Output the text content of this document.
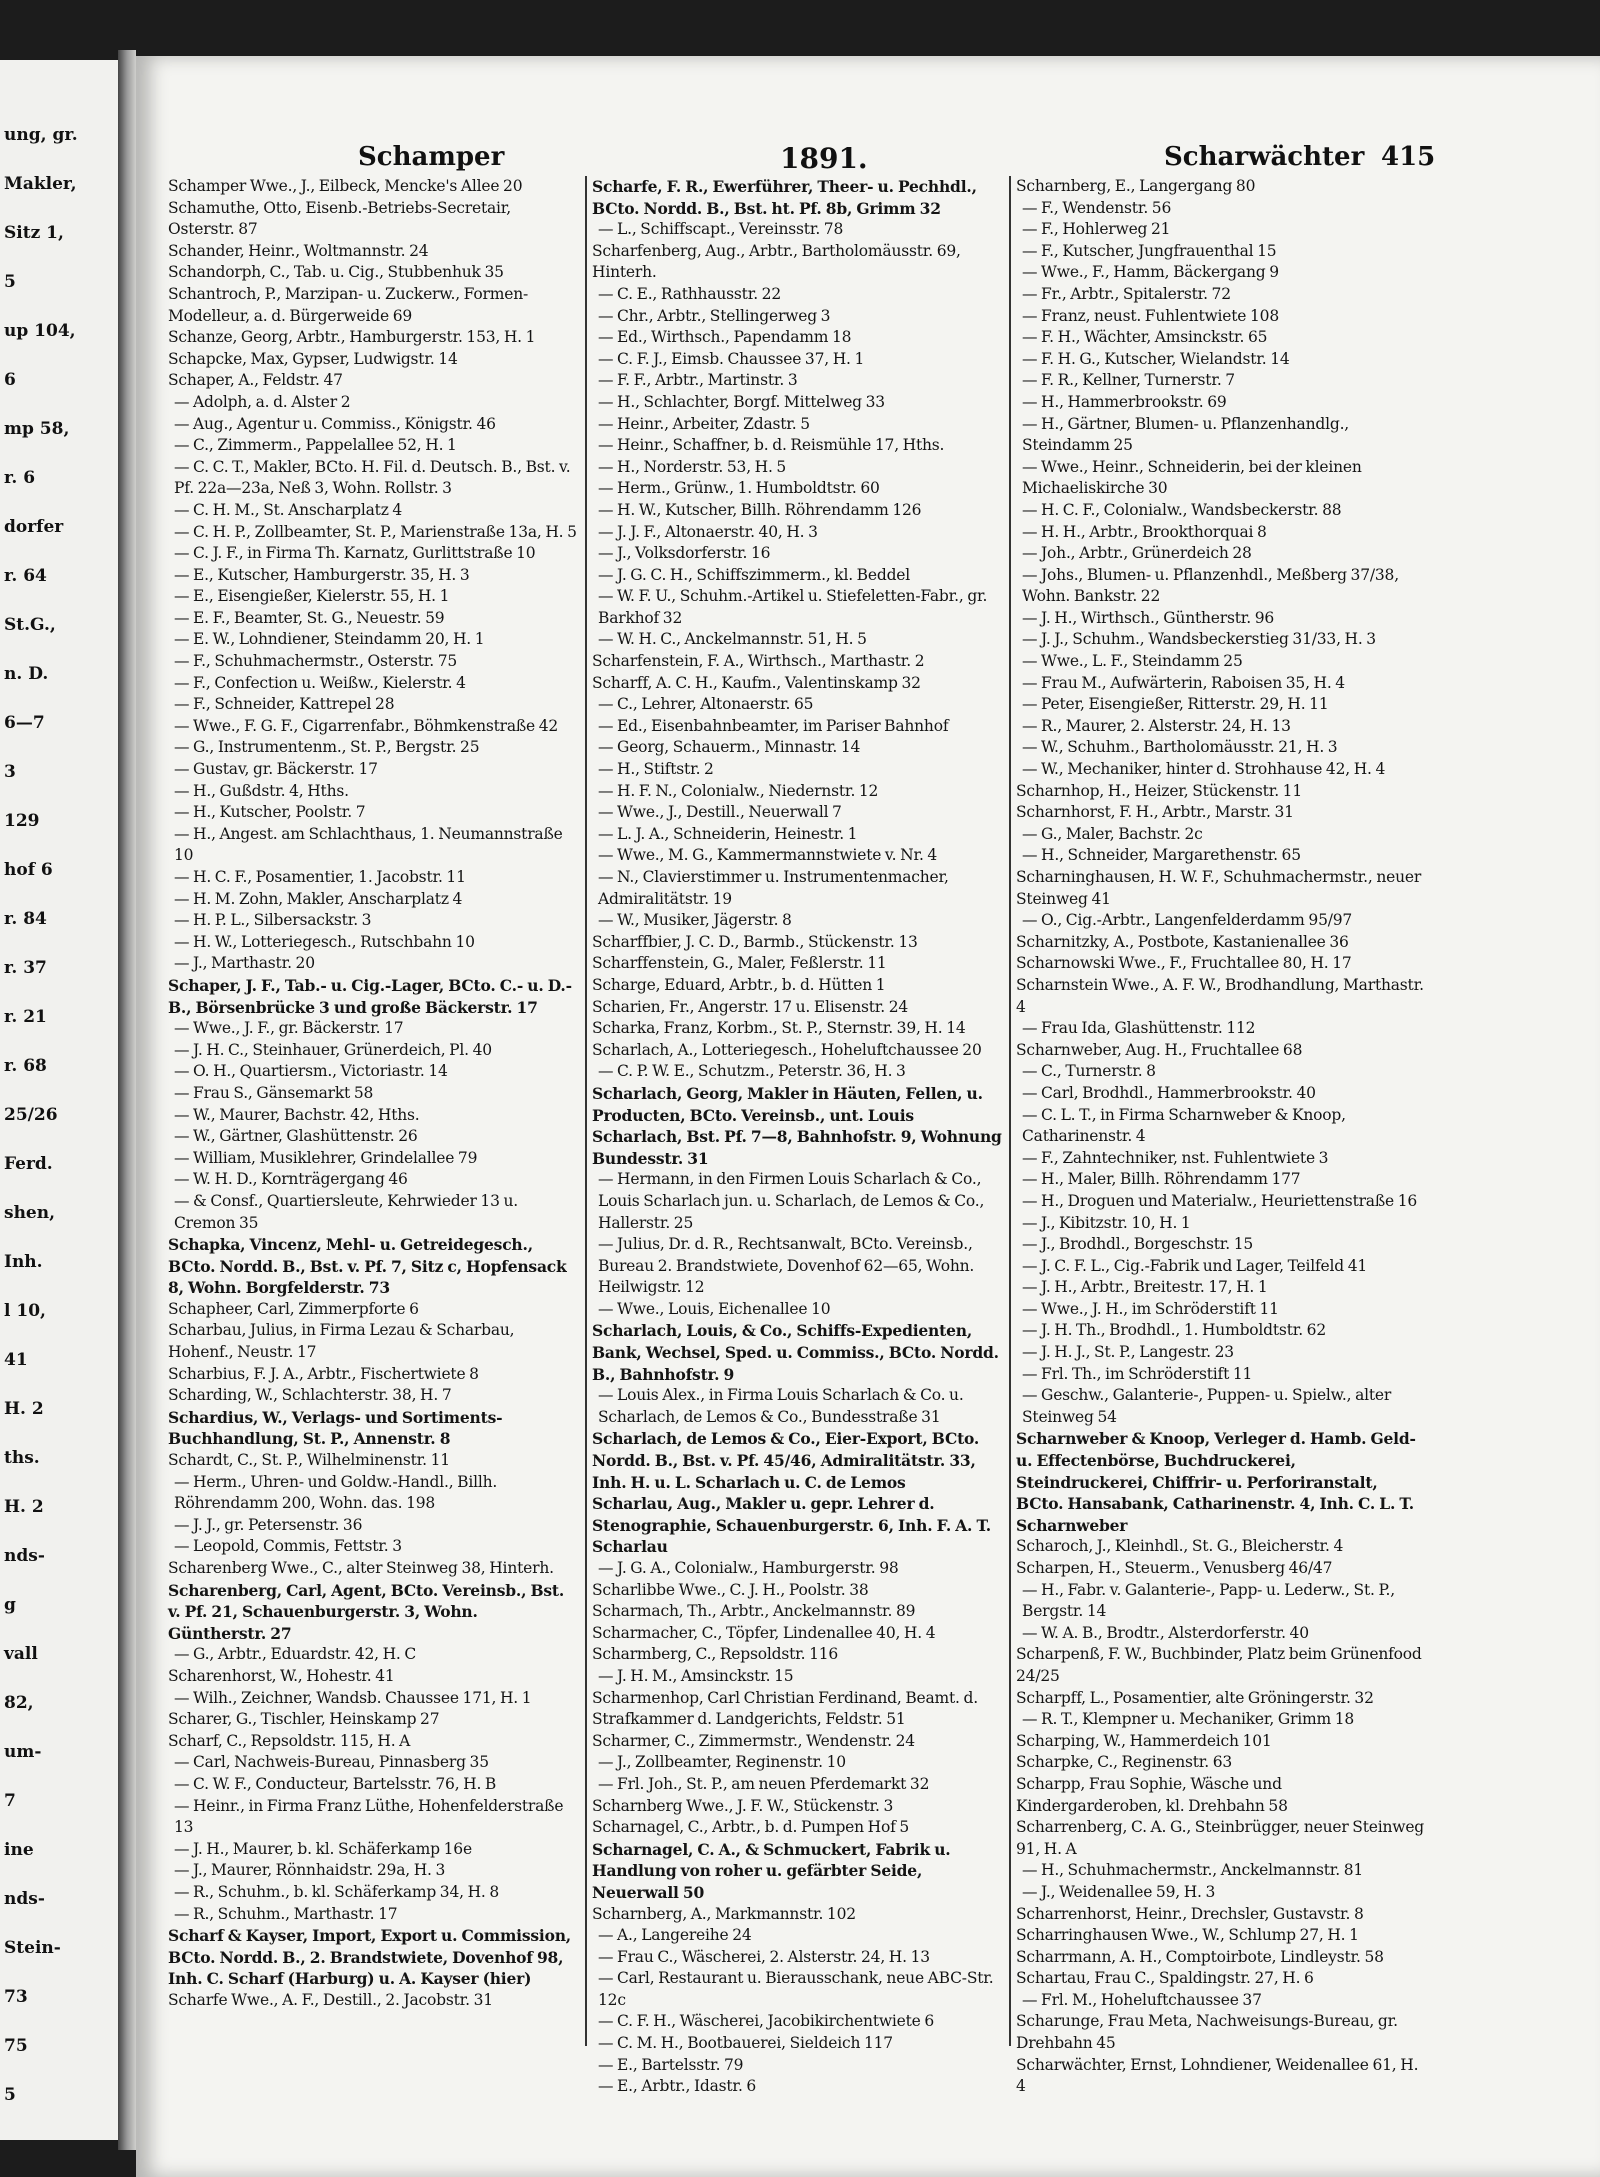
ung, gr.
Makler,
Sitz 1,
5
up 104,
6
mp 58,
r. 6
dorfer
r. 64
St.G.,
n. D.
6—7
3
129
hof 6
r. 84
r. 37
r. 21
r. 68
25/26
Ferd.
shen,
Inh.
l 10,
41
H. 2
ths.
H. 2
nds-
g
vall
82,
um-
7
ine
nds-
Stein-
73
75
5
Schamper	1891.	Scharwächter 415
Schamper Wwe., J., Eilbeck, Mencke's Allee 20
Schamuthe, Otto, Eisenb.-Betriebs-Secretair, Osterstr. 87
Schander, Heinr., Woltmannstr. 24
Schandorph, C., Tab. u. Cig., Stubbenhuk 35
Schantroch, P., Marzipan- u. Zuckerw., Formen-Modelleur, a. d. Bürgerweide 69
Schanze, Georg, Arbtr., Hamburgerstr. 153, H. 1
Schapcke, Max, Gypser, Ludwigstr. 14
Schaper, A., Feldstr. 47
— Adolph, a. d. Alster 2
— Aug., Agentur u. Commiss., Königstr. 46
— C., Zimmerm., Pappelallee 52, H. 1
— C. C. T., Makler, BCto. H. Fil. d. Deutsch. B., Bst. v. Pf. 22a—23a, Neß 3, Wohn. Rollstr. 3
— C. H. M., St. Anscharplatz 4
— C. H. P., Zollbeamter, St. P., Marienstraße 13a, H. 5
— C. J. F., in Firma Th. Karnatz, Gurlittstraße 10
— E., Kutscher, Hamburgerstr. 35, H. 3
— E., Eisengießer, Kielerstr. 55, H. 1
— E. F., Beamter, St. G., Neuestr. 59
— E. W., Lohndiener, Steindamm 20, H. 1
— F., Schuhmachermstr., Osterstr. 75
— F., Confection u. Weißw., Kielerstr. 4
— F., Schneider, Kattrepel 28
— Wwe., F. G. F., Cigarrenfabr., Böhmkenstraße 42
— G., Instrumentenm., St. P., Bergstr. 25
— Gustav, gr. Bäckerstr. 17
— H., Gußdstr. 4, Hths.
— H., Kutscher, Poolstr. 7
— H., Angest. am Schlachthaus, 1. Neumannstraße 10
— H. C. F., Posamentier, 1. Jacobstr. 11
— H. M. Zohn, Makler, Anscharplatz 4
— H. P. L., Silbersackstr. 3
— H. W., Lotteriegesch., Rutschbahn 10
— J., Marthastr. 20
Schaper, J. F., Tab.- u. Cig.-Lager, BCto. C.- u. D.-B., Börsenbrücke 3 und große Bäckerstr. 17
— Wwe., J. F., gr. Bäckerstr. 17
— J. H. C., Steinhauer, Grünerdeich, Pl. 40
— O. H., Quartiersm., Victoriastr. 14
— Frau S., Gänsemarkt 58
— W., Maurer, Bachstr. 42, Hths.
— W., Gärtner, Glashüttenstr. 26
— William, Musiklehrer, Grindelallee 79
— W. H. D., Kornträgergang 46
— & Consf., Quartiersleute, Kehrwieder 13 u. Cremon 35
Schapka, Vincenz, Mehl- u. Getreidegesch., BCto. Nordd. B., Bst. v. Pf. 7, Sitz c, Hopfensack 8, Wohn. Borgfelderstr. 73
Schapheer, Carl, Zimmerpforte 6
Scharbau, Julius, in Firma Lezau & Scharbau, Hohenf., Neustr. 17
Scharbius, F. J. A., Arbtr., Fischertwiete 8
Scharding, W., Schlachterstr. 38, H. 7
Schardius, W., Verlags- und Sortiments-Buchhandlung, St. P., Annenstr. 8
Schardt, C., St. P., Wilhelminenstr. 11
— Herm., Uhren- und Goldw.-Handl., Billh. Röhrendamm 200, Wohn. das. 198
— J. J., gr. Petersenstr. 36
— Leopold, Commis, Fettstr. 3
Scharenberg Wwe., C., alter Steinweg 38, Hinterh.
Scharenberg, Carl, Agent, BCto. Vereinsb., Bst. v. Pf. 21, Schauenburgerstr. 3, Wohn. Güntherstr. 27
— G., Arbtr., Eduardstr. 42, H. C
Scharenhorst, W., Hohestr. 41
— Wilh., Zeichner, Wandsb. Chaussee 171, H. 1
Scharer, G., Tischler, Heinskamp 27
Scharf, C., Repsoldstr. 115, H. A
— Carl, Nachweis-Bureau, Pinnasberg 35
— C. W. F., Conducteur, Bartelsstr. 76, H. B
— Heinr., in Firma Franz Lüthe, Hohenfelderstraße 13
— J. H., Maurer, b. kl. Schäferkamp 16e
— J., Maurer, Rönnhaidstr. 29a, H. 3
— R., Schuhm., b. kl. Schäferkamp 34, H. 8
— R., Schuhm., Marthastr. 17
Scharf & Kayser, Import, Export u. Commission, BCto. Nordd. B., 2. Brandstwiete, Dovenhof 98, Inh. C. Scharf (Harburg) u. A. Kayser (hier)
Scharfe Wwe., A. F., Destill., 2. Jacobstr. 31
Scharfe, F. R., Ewerführer, Theer- u. Pechhdl., BCto. Nordd. B., Bst. ht. Pf. 8b, Grimm 32
— L., Schiffscapt., Vereinsstr. 78
Scharfenberg, Aug., Arbtr., Bartholomäusstr. 69, Hinterh.
— C. E., Rathhausstr. 22
— Chr., Arbtr., Stellingerweg 3
— Ed., Wirthsch., Papendamm 18
— C. F. J., Eimsb. Chaussee 37, H. 1
— F. F., Arbtr., Martinstr. 3
— H., Schlachter, Borgf. Mittelweg 33
— Heinr., Arbeiter, Zdastr. 5
— Heinr., Schaffner, b. d. Reismühle 17, Hths.
— H., Norderstr. 53, H. 5
— Herm., Grünw., 1. Humboldtstr. 60
— H. W., Kutscher, Billh. Röhrendamm 126
— J. J. F., Altonaerstr. 40, H. 3
— J., Volksdorferstr. 16
— J. G. C. H., Schiffszimmerm., kl. Beddel
— W. F. U., Schuhm.-Artikel u. Stiefeletten-Fabr., gr. Barkhof 32
— W. H. C., Anckelmannstr. 51, H. 5
Scharfenstein, F. A., Wirthsch., Marthastr. 2
Scharff, A. C. H., Kaufm., Valentinskamp 32
— C., Lehrer, Altonaerstr. 65
— Ed., Eisenbahnbeamter, im Pariser Bahnhof
— Georg, Schauerm., Minnastr. 14
— H., Stiftstr. 2
— H. F. N., Colonialw., Niedernstr. 12
— Wwe., J., Destill., Neuerwall 7
— L. J. A., Schneiderin, Heinestr. 1
— Wwe., M. G., Kammermannstwiete v. Nr. 4
— N., Clavierstimmer u. Instrumentenmacher, Admiralitätstr. 19
— W., Musiker, Jägerstr. 8
Scharffbier, J. C. D., Barmb., Stückenstr. 13
Scharffenstein, G., Maler, Feßlerstr. 11
Scharge, Eduard, Arbtr., b. d. Hütten 1
Scharien, Fr., Angerstr. 17 u. Elisenstr. 24
Scharka, Franz, Korbm., St. P., Sternstr. 39, H. 14
Scharlach, A., Lotteriegesch., Hoheluftchaussee 20
— C. P. W. E., Schutzm., Peterstr. 36, H. 3
Scharlach, Georg, Makler in Häuten, Fellen, u. Producten, BCto. Vereinsb., unt. Louis Scharlach, Bst. Pf. 7—8, Bahnhofstr. 9, Wohnung Bundesstr. 31
— Hermann, in den Firmen Louis Scharlach & Co., Louis Scharlach jun. u. Scharlach, de Lemos & Co., Hallerstr. 25
— Julius, Dr. d. R., Rechtsanwalt, BCto. Vereinsb., Bureau 2. Brandstwiete, Dovenhof 62—65, Wohn. Heilwigstr. 12
— Wwe., Louis, Eichenallee 10
Scharlach, Louis, & Co., Schiffs-Expedienten, Bank, Wechsel, Sped. u. Commiss., BCto. Nordd. B., Bahnhofstr. 9
— Louis Alex., in Firma Louis Scharlach & Co. u. Scharlach, de Lemos & Co., Bundesstraße 31
Scharlach, de Lemos & Co., Eier-Export, BCto. Nordd. B., Bst. v. Pf. 45/46, Admiralitätstr. 33, Inh. H. u. L. Scharlach u. C. de Lemos
Scharlau, Aug., Makler u. gepr. Lehrer d. Stenographie, Schauenburgerstr. 6, Inh. F. A. T. Scharlau
— J. G. A., Colonialw., Hamburgerstr. 98
Scharlibbe Wwe., C. J. H., Poolstr. 38
Scharmach, Th., Arbtr., Anckelmannstr. 89
Scharmacher, C., Töpfer, Lindenallee 40, H. 4
Scharmberg, C., Repsoldstr. 116
— J. H. M., Amsinckstr. 15
Scharmenhop, Carl Christian Ferdinand, Beamt. d. Strafkammer d. Landgerichts, Feldstr. 51
Scharmer, C., Zimmermstr., Wendenstr. 24
— J., Zollbeamter, Reginenstr. 10
— Frl. Joh., St. P., am neuen Pferdemarkt 32
Scharnberg Wwe., J. F. W., Stückenstr. 3
Scharnagel, C., Arbtr., b. d. Pumpen Hof 5
Scharnagel, C. A., & Schmuckert, Fabrik u. Handlung von roher u. gefärbter Seide, Neuerwall 50
Scharnberg, A., Markmannstr. 102
— A., Langereihe 24
— Frau C., Wäscherei, 2. Alsterstr. 24, H. 13
— Carl, Restaurant u. Bierausschank, neue ABC-Str. 12c
— C. F. H., Wäscherei, Jacobikirchentwiete 6
— C. M. H., Bootbauerei, Sieldeich 117
— E., Bartelsstr. 79
— E., Arbtr., Idastr. 6
Scharnberg, E., Langergang 80
— F., Wendenstr. 56
— F., Hohlerweg 21
— F., Kutscher, Jungfrauenthal 15
— Wwe., F., Hamm, Bäckergang 9
— Fr., Arbtr., Spitalerstr. 72
— Franz, neust. Fuhlentwiete 108
— F. H., Wächter, Amsinckstr. 65
— F. H. G., Kutscher, Wielandstr. 14
— F. R., Kellner, Turnerstr. 7
— H., Hammerbrookstr. 69
— H., Gärtner, Blumen- u. Pflanzenhandlg., Steindamm 25
— Wwe., Heinr., Schneiderin, bei der kleinen Michaeliskirche 30
— H. C. F., Colonialw., Wandsbeckerstr. 88
— H. H., Arbtr., Brookthorquai 8
— Joh., Arbtr., Grünerdeich 28
— Johs., Blumen- u. Pflanzenhdl., Meßberg 37/38, Wohn. Bankstr. 22
— J. H., Wirthsch., Güntherstr. 96
— J. J., Schuhm., Wandsbeckerstieg 31/33, H. 3
— Wwe., L. F., Steindamm 25
— Frau M., Aufwärterin, Raboisen 35, H. 4
— Peter, Eisengießer, Ritterstr. 29, H. 11
— R., Maurer, 2. Alsterstr. 24, H. 13
— W., Schuhm., Bartholomäusstr. 21, H. 3
— W., Mechaniker, hinter d. Strohhause 42, H. 4
Scharnhop, H., Heizer, Stückenstr. 11
Scharnhorst, F. H., Arbtr., Marstr. 31
— G., Maler, Bachstr. 2c
— H., Schneider, Margarethenstr. 65
Scharninghausen, H. W. F., Schuhmachermstr., neuer Steinweg 41
— O., Cig.-Arbtr., Langenfelderdamm 95/97
Scharnitzky, A., Postbote, Kastanienallee 36
Scharnowski Wwe., F., Fruchtallee 80, H. 17
Scharnstein Wwe., A. F. W., Brodhandlung, Marthastr. 4
— Frau Ida, Glashüttenstr. 112
Scharnweber, Aug. H., Fruchtallee 68
— C., Turnerstr. 8
— Carl, Brodhdl., Hammerbrookstr. 40
— C. L. T., in Firma Scharnweber & Knoop, Catharinenstr. 4
— F., Zahntechniker, nst. Fuhlentwiete 3
— H., Maler, Billh. Röhrendamm 177
— H., Droguen und Materialw., Heuriettenstraße 16
— J., Kibitzstr. 10, H. 1
— J., Brodhdl., Borgeschstr. 15
— J. C. F. L., Cig.-Fabrik und Lager, Teilfeld 41
— J. H., Arbtr., Breitestr. 17, H. 1
— Wwe., J. H., im Schröderstift 11
— J. H. Th., Brodhdl., 1. Humboldtstr. 62
— J. H. J., St. P., Langestr. 23
— Frl. Th., im Schröderstift 11
— Geschw., Galanterie-, Puppen- u. Spielw., alter Steinweg 54
Scharnweber & Knoop, Verleger d. Hamb. Geld- u. Effectenbörse, Buchdruckerei, Steindruckerei, Chiffrir- u. Perforiranstalt, BCto. Hansabank, Catharinenstr. 4, Inh. C. L. T. Scharnweber
Scharoch, J., Kleinhdl., St. G., Bleicherstr. 4
Scharpen, H., Steuerm., Venusberg 46/47
— H., Fabr. v. Galanterie-, Papp- u. Lederw., St. P., Bergstr. 14
— W. A. B., Brodtr., Alsterdorferstr. 40
Scharpenß, F. W., Buchbinder, Platz beim Grünenfood 24/25
Scharpff, L., Posamentier, alte Gröningerstr. 32
— R. T., Klempner u. Mechaniker, Grimm 18
Scharping, W., Hammerdeich 101
Scharpke, C., Reginenstr. 63
Scharpp, Frau Sophie, Wäsche und Kindergarderoben, kl. Drehbahn 58
Scharrenberg, C. A. G., Steinbrügger, neuer Steinweg 91, H. A
— H., Schuhmachermstr., Anckelmannstr. 81
— J., Weidenallee 59, H. 3
Scharrenhorst, Heinr., Drechsler, Gustavstr. 8
Scharringhausen Wwe., W., Schlump 27, H. 1
Scharrmann, A. H., Comptoirbote, Lindleystr. 58
Schartau, Frau C., Spaldingstr. 27, H. 6
— Frl. M., Hoheluftchaussee 37
Scharunge, Frau Meta, Nachweisungs-Bureau, gr. Drehbahn 45
Scharwächter, Ernst, Lohndiener, Weidenallee 61, H. 4
